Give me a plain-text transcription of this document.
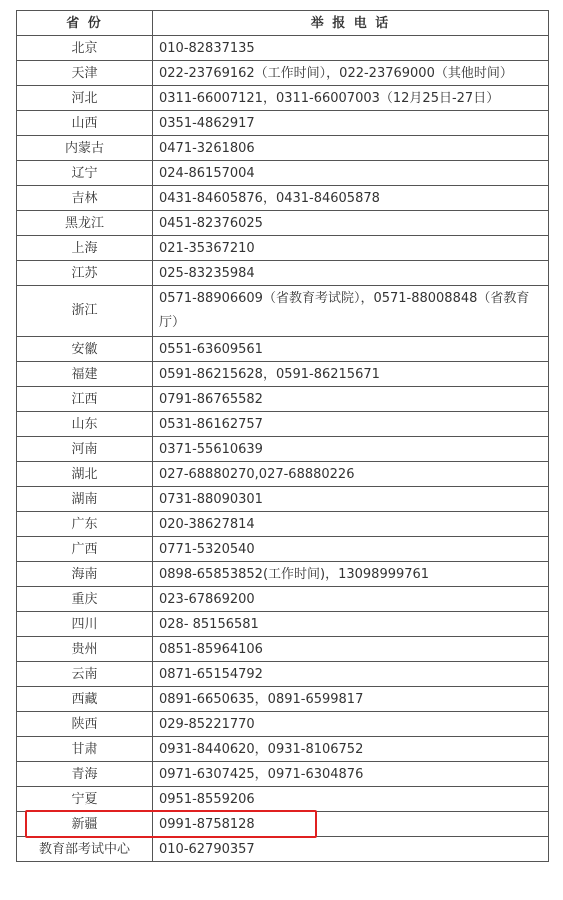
省 份	举 报 电 话
北京	010-82837135
天津	022-23769162（工作时间），022-23769000（其他时间）
河北	0311-66007121，0311-66007003（12月25日-27日）
山西	0351-4862917
内蒙古	0471-3261806
辽宁	024-86157004
吉林	0431-84605876，0431-84605878
黑龙江	0451-82376025
上海	021-35367210
江苏	025-83235984
浙江	0571-88906609（省教育考试院），0571-88008848（省教育厅）
安徽	0551-63609561
福建	0591-86215628，0591-86215671
江西	0791-86765582
山东	0531-86162757
河南	0371-55610639
湖北	027-68880270,027-68880226
湖南	0731-88090301
广东	020-38627814
广西	0771-5320540
海南	0898-65853852(工作时间)，13098999761
重庆	023-67869200
四川	028- 85156581
贵州	0851-85964106
云南	0871-65154792
西藏	0891-6650635，0891-6599817
陕西	029-85221770
甘肃	0931-8440620，0931-8106752
青海	0971-6307425，0971-6304876
宁夏	0951-8559206
新疆	0991-8758128
教育部考试中心	010-62790357
